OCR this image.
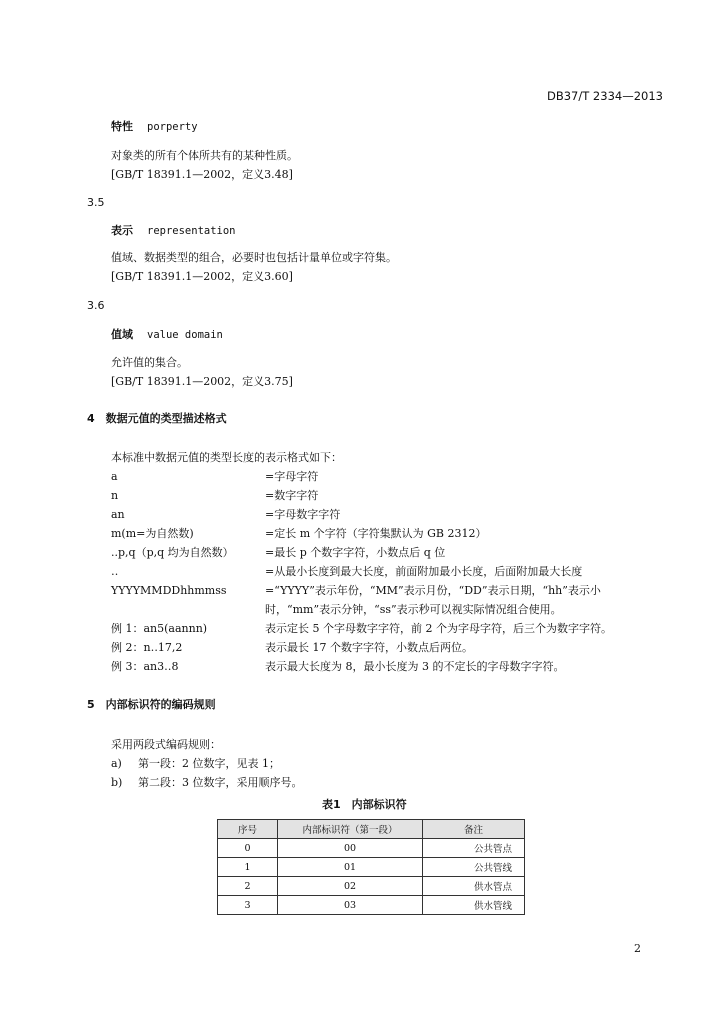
DB37/T 2334—2013
特性 porperty
对象类的所有个体所共有的某种性质。
[GB/T 18391.1—2002，定义3.48]
3.5
表示 representation
值域、数据类型的组合，必要时也包括计量单位或字符集。
[GB/T 18391.1—2002，定义3.60]
3.6
值域 value domain
允许值的集合。
[GB/T 18391.1—2002，定义3.75]
4　数据元值的类型描述格式
本标准中数据元值的类型长度的表示格式如下：
a	=字母字符
n	=数字字符
an	=字母数字字符
m(m=为自然数)	=定长 m 个字符（字符集默认为 GB 2312）
..p,q（p,q 均为自然数）	=最长 p 个数字字符，小数点后 q 位
‥	=从最小长度到最大长度，前面附加最小长度，后面附加最大长度
YYYYMMDDhhmmss	=“YYYY”表示年份，“MM”表示月份，“DD”表示日期，“hh”表示小
时，“mm”表示分钟，“ss”表示秒可以视实际情况组合使用。
例 1：an5(aannn)	表示定长 5 个字母数字字符，前 2 个为字母字符，后三个为数字字符。
例 2：n‥17,2	表示最长 17 个数字字符，小数点后两位。
例 3：an3‥8	表示最大长度为 8，最小长度为 3 的不定长的字母数字字符。
5　内部标识符的编码规则
采用两段式编码规则：
a) 第一段：2 位数字，见表 1；
b) 第二段：3 位数字，采用顺序号。
表1　内部标识符
序号	内部标识符（第一段）	备注
0	00	公共管点
1	01	公共管线
2	02	供水管点
3	03	供水管线
2
